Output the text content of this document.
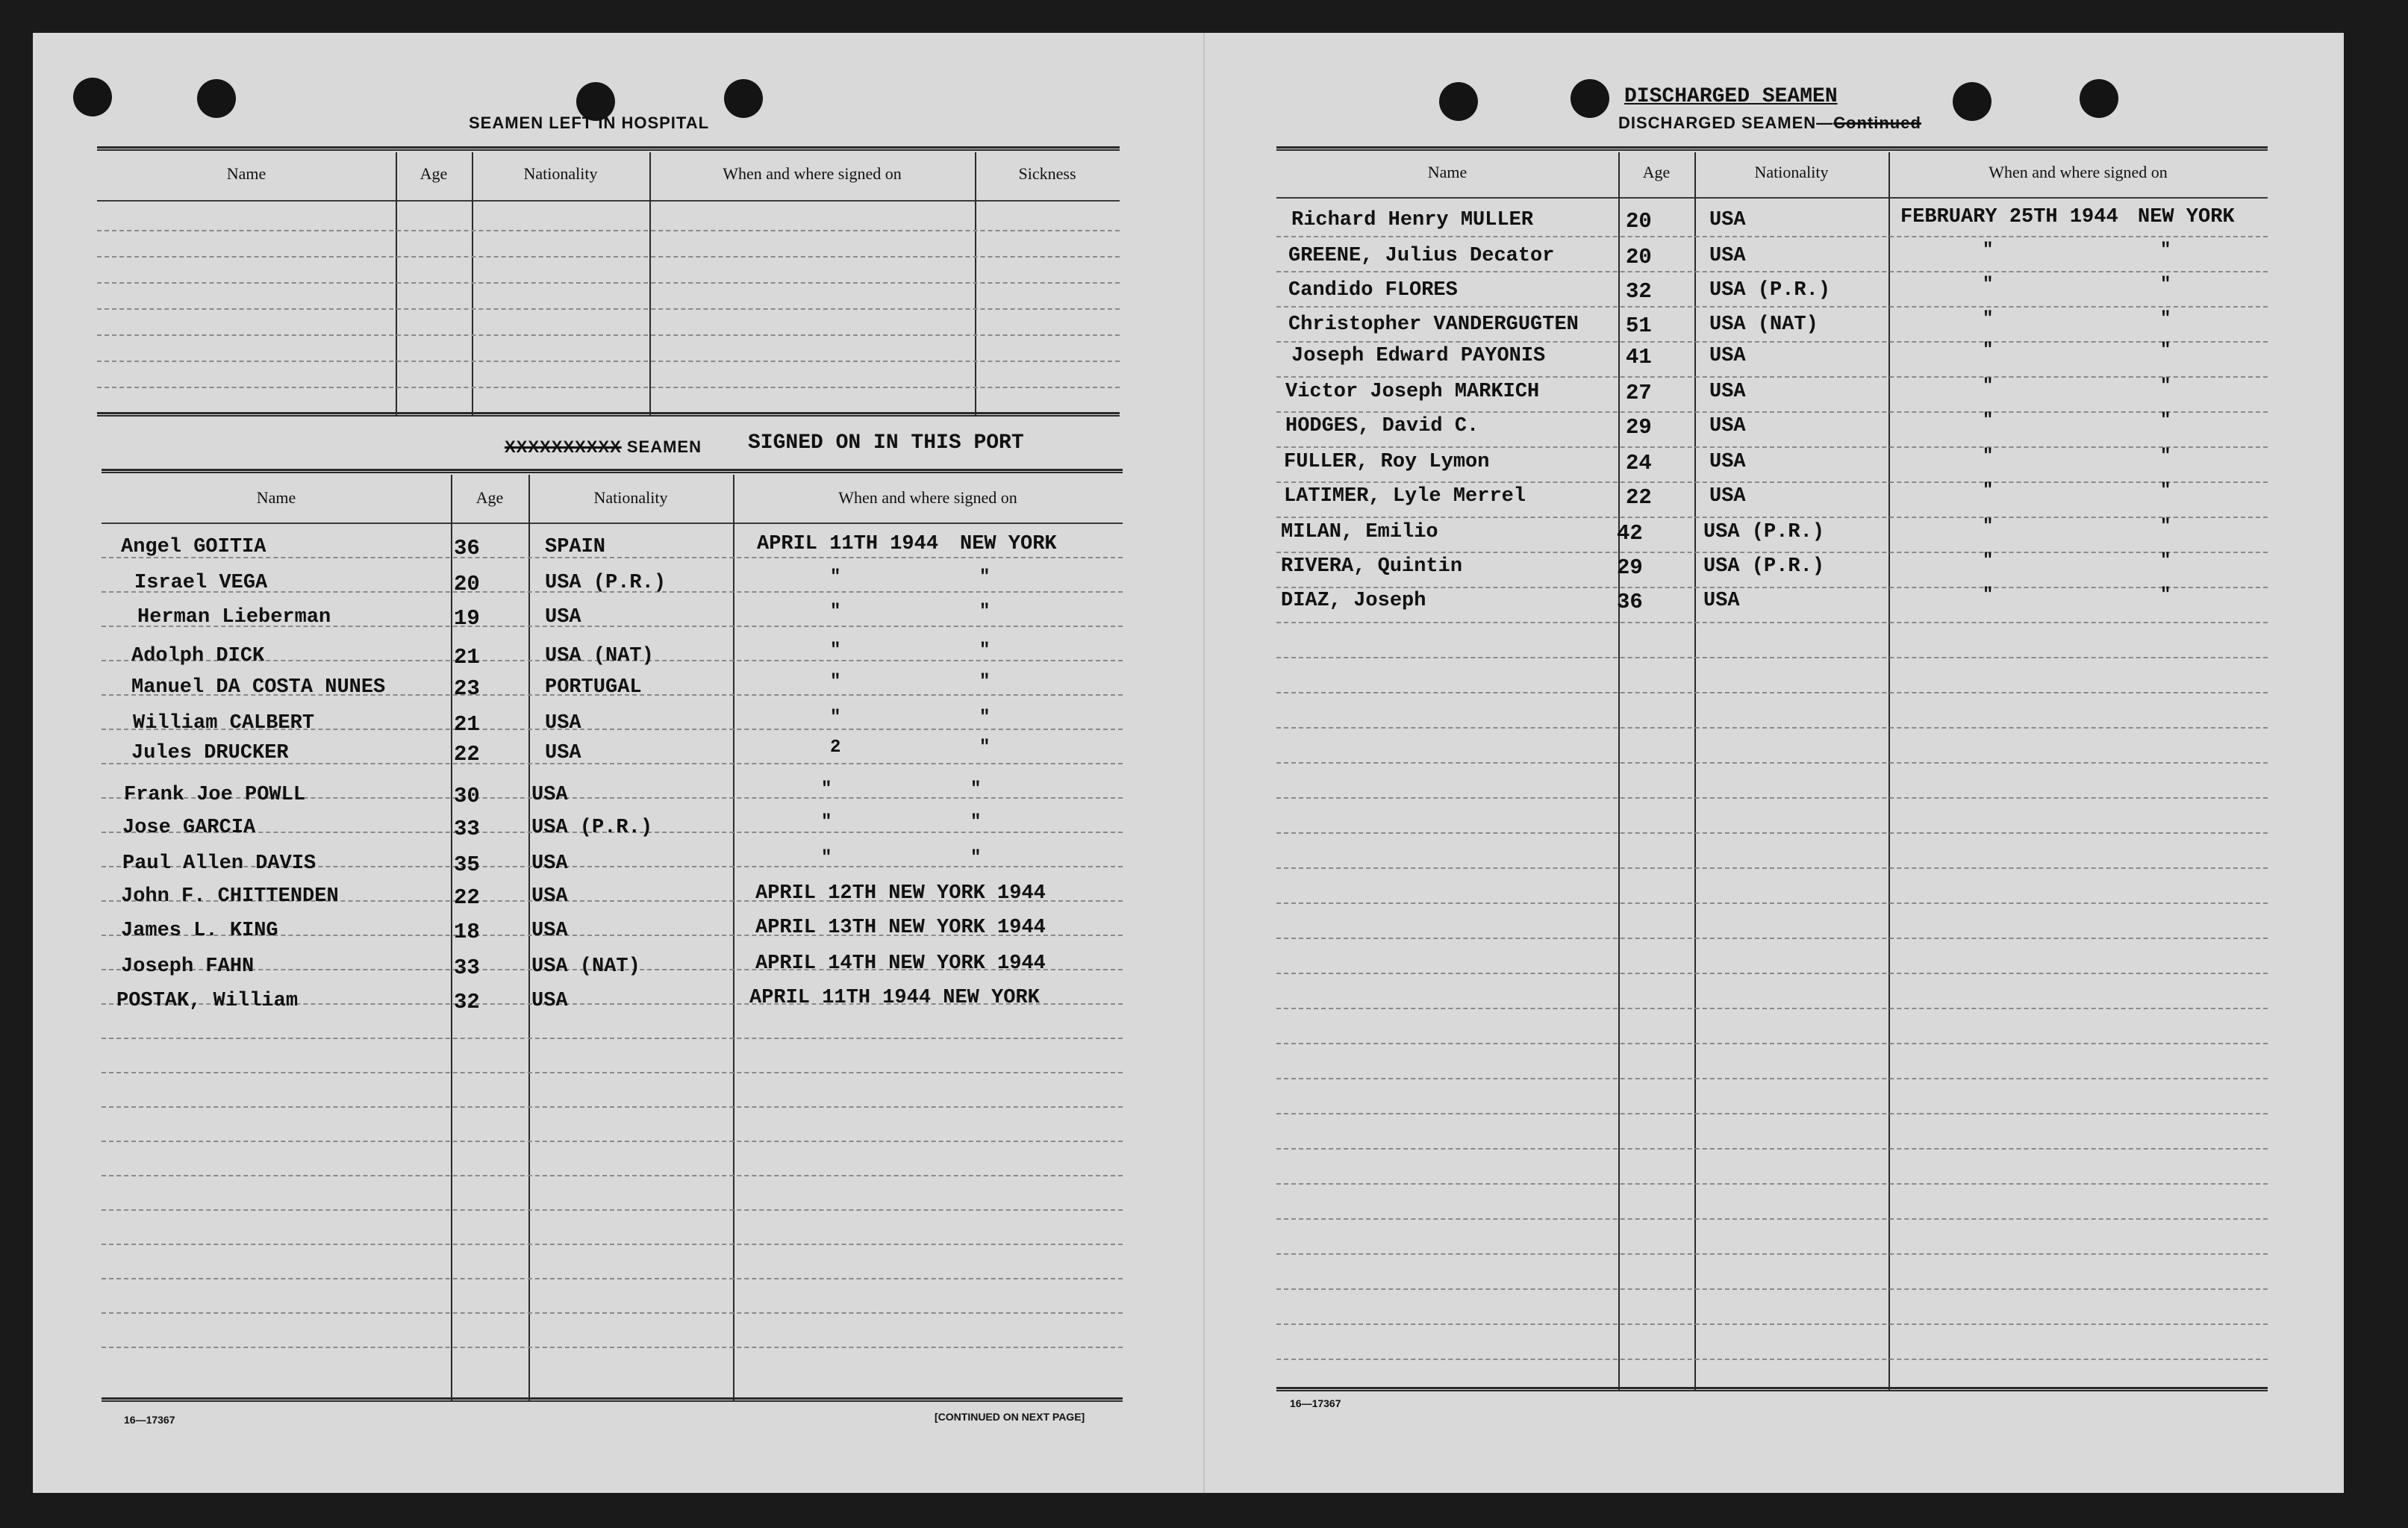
SEAMEN LEFT IN HOSPITAL
Name	Age	Nationality	When and where signed on	Sickness
XXXXXXXXXX SEAMEN SIGNED ON IN THIS PORT
Name	Age	Nationality	When and where signed on
Angel GOITIA	36	SPAIN	APRIL 11TH 1944 NEW YORK
Israel VEGA	20	USA (P.R.)	"	"
Herman Lieberman	19	USA	"	"
Adolph DICK	21	USA (NAT)	"	"
Manuel DA COSTA NUNES	23	PORTUGAL	"	"
William CALBERT	21	USA	"	"
Jules DRUCKER	22	USA	2	"
Frank Joe POWLL	30	USA	"	"
Jose GARCIA	33	USA (P.R.)	"	"
Paul Allen DAVIS	35	USA	"	"
John F. CHITTENDEN	22	USA	APRIL 12TH NEW YORK 1944
James L. KING	18	USA	APRIL 13TH NEW YORK 1944
Joseph FAHN	33	USA (NAT)	APRIL 14TH NEW YORK 1944
POSTAK, William	32	USA	APRIL 11TH 1944 NEW YORK
16—17367	[CONTINUED ON NEXT PAGE]
DISCHARGED SEAMEN
DISCHARGED SEAMEN—Continued
Name	Age	Nationality	When and where signed on
Richard Henry MULLER	20	USA	FEBRUARY 25TH 1944 NEW YORK
GREENE, Julius Decator	20	USA	"	"
Candido FLORES	32	USA (P.R.)	"	"
Christopher VANDERGUGTEN 51	USA (NAT)	"	"
Joseph Edward PAYONIS	41	USA	"	"
Victor Joseph MARKICH	27	USA	"	"
HODGES, David C.	29	USA	"	"
FULLER, Roy Lymon	24	USA	"	"
LATIMER, Lyle Merrel	22	USA	"	"
MILAN, Emilio	42	USA (P.R.)	"	"
RIVERA, Quintin	29	USA (P.R.)	"	"
DIAZ, Joseph	36	USA	"	"
16—17367
